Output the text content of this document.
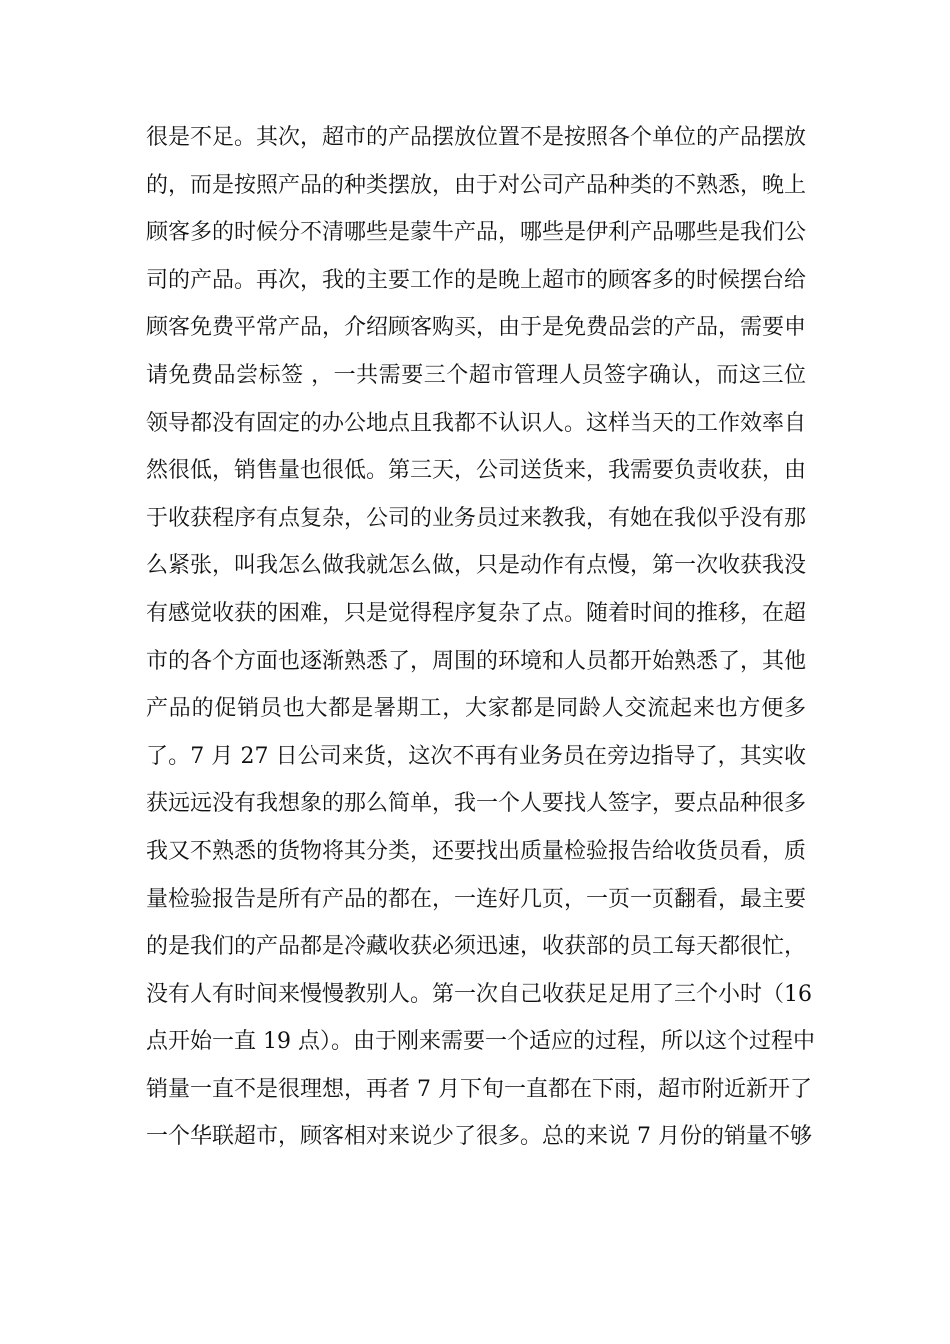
很是不足。其次，超市的产品摆放位置不是按照各个单位的产品摆放
的，而是按照产品的种类摆放，由于对公司产品种类的不熟悉，晚上
顾客多的时候分不清哪些是蒙牛产品，哪些是伊利产品哪些是我们公
司的产品。再次，我的主要工作的是晚上超市的顾客多的时候摆台给
顾客免费平常产品，介绍顾客购买，由于是免费品尝的产品，需要申
请免费品尝标签 ，一共需要三个超市管理人员签字确认，而这三位
领导都没有固定的办公地点且我都不认识人。这样当天的工作效率自
然很低，销售量也很低。第三天，公司送货来，我需要负责收获，由
于收获程序有点复杂，公司的业务员过来教我，有她在我似乎没有那
么紧张，叫我怎么做我就怎么做，只是动作有点慢，第一次收获我没
有感觉收获的困难，只是觉得程序复杂了点。随着时间的推移，在超
市的各个方面也逐渐熟悉了，周围的环境和人员都开始熟悉了，其他
产品的促销员也大都是暑期工，大家都是同龄人交流起来也方便多
了。7 月 27 日公司来货，这次不再有业务员在旁边指导了，其实收
获远远没有我想象的那么简单，我一个人要找人签字，要点品种很多
我又不熟悉的货物将其分类，还要找出质量检验报告给收货员看，质
量检验报告是所有产品的都在，一连好几页，一页一页翻看，最主要
的是我们的产品都是冷藏收获必须迅速，收获部的员工每天都很忙，
没有人有时间来慢慢教别人。第一次自己收获足足用了三个小时（16
点开始一直 19 点）。由于刚来需要一个适应的过程，所以这个过程中
销量一直不是很理想，再者 7 月下旬一直都在下雨，超市附近新开了
一个华联超市，顾客相对来说少了很多。总的来说 7 月份的销量不够
